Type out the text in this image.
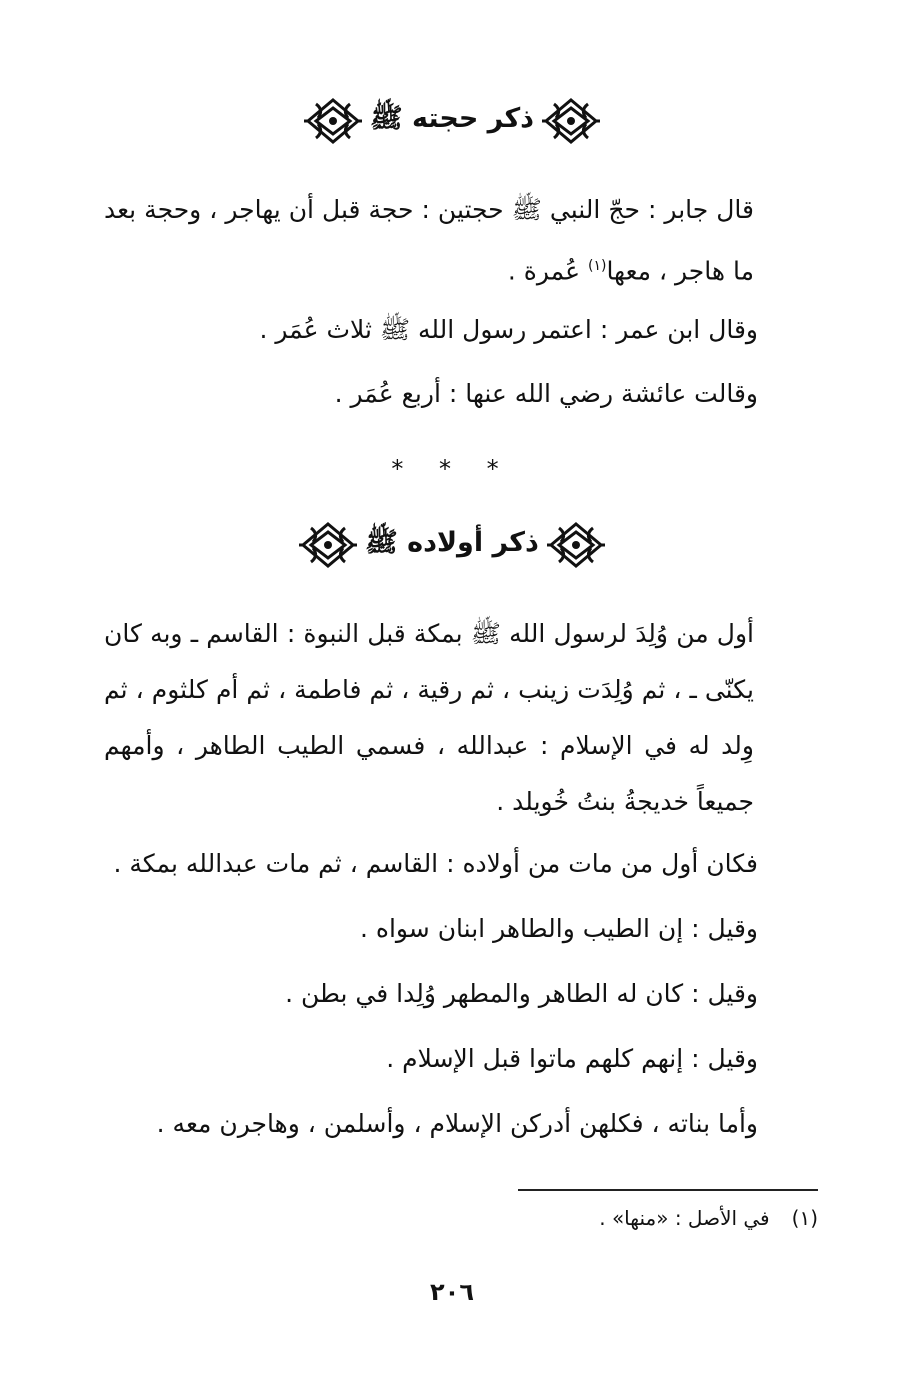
ذكر حجته ﷺ

قال جابر : حجّ النبي ﷺ حجتين : حجة قبل أن يهاجر ، وحجة بعد ما هاجر ، معها$^{(١)}$ عُمرة .

وقال ابن عمر : اعتمر رسول الله ﷺ ثلاث عُمَر .
وقالت عائشة رضي الله عنها : أربع عُمَر .
* * *
ذكر أولاده ﷺ

أول من وُلِدَ لرسول الله ﷺ بمكة قبل النبوة : القاسم ـ وبه كان يكنّى ـ ، ثم وُلِدَت زينب ، ثم رقية ، ثم فاطمة ، ثم أم كلثوم ، ثم وِلد له في الإسلام : عبدالله ، فسمي الطيب الطاهر ، وأمهم جميعاً خديجةُ بنتُ خُويلد .

فكان أول من مات من أولاده : القاسم ، ثم مات عبدالله بمكة .
وقيل : إن الطيب والطاهر ابنان سواه .
وقيل : كان له الطاهر والمطهر وُلِدا في بطن .
وقيل : إنهم كلهم ماتوا قبل الإسلام .
وأما بناته ، فكلهن أدركن الإسلام ، وأسلمن ، وهاجرن معه .
(١)في الأصل : «منها» .
٢٠٦
